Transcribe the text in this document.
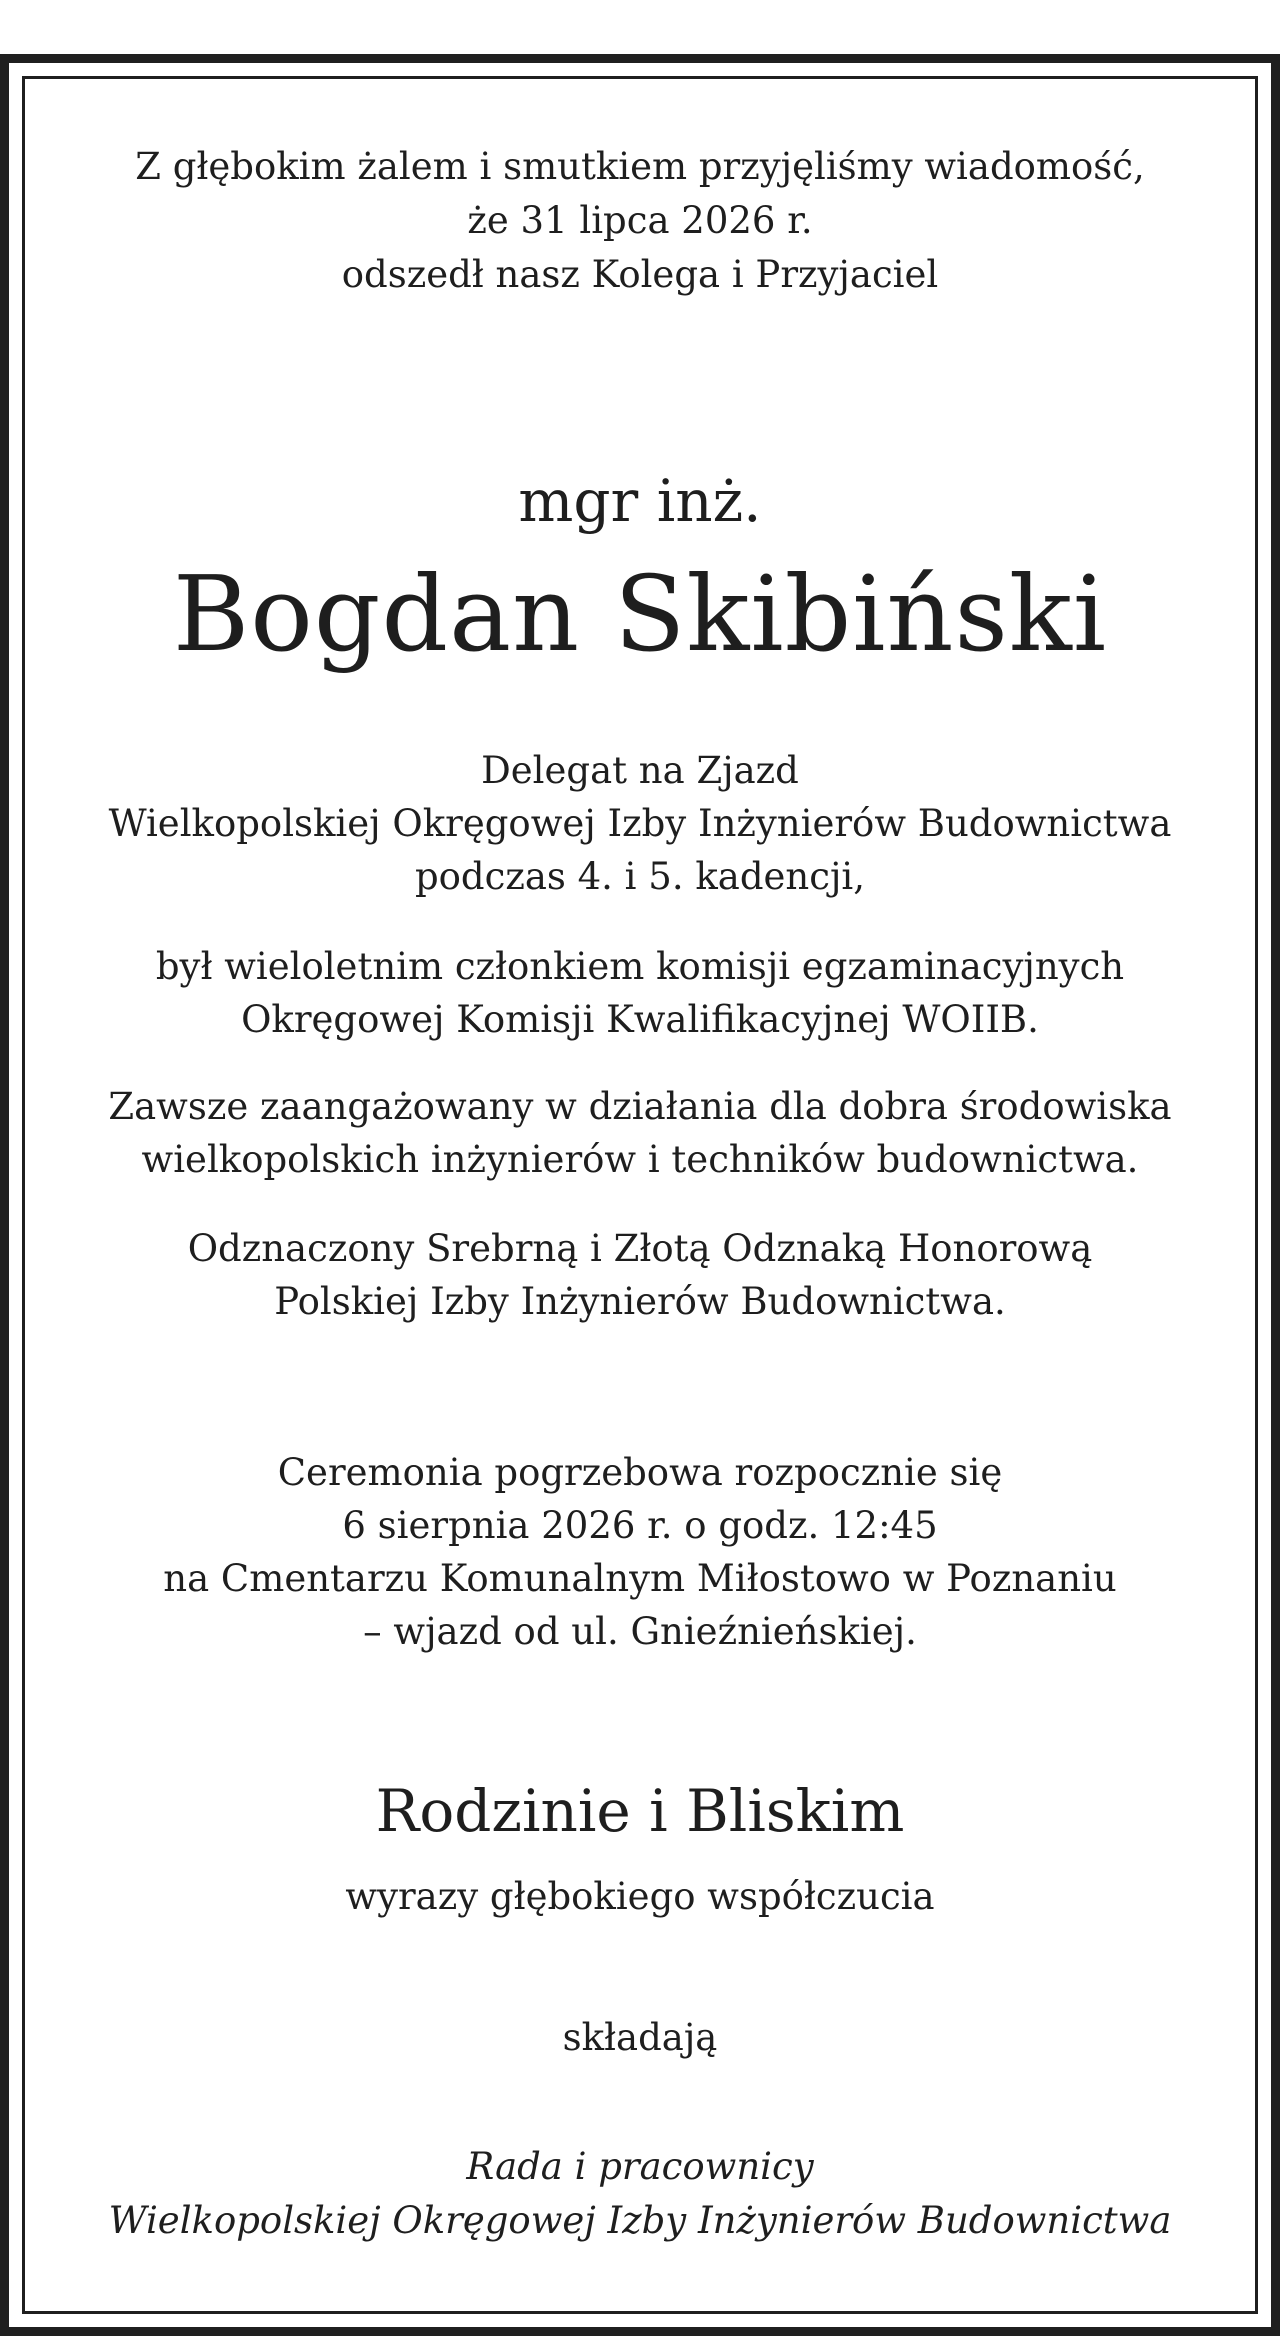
Z głębokim żalem i smutkiem przyjęliśmy wiadomość,
że 31 lipca 2026 r.
odszedł nasz Kolega i Przyjaciel
mgr inż.
Bogdan Skibiński
Delegat na Zjazd
Wielkopolskiej Okręgowej Izby Inżynierów Budownictwa
podczas 4. i 5. kadencji,
był wieloletnim członkiem komisji egzaminacyjnych
Okręgowej Komisji Kwalifikacyjnej WOIIB.
Zawsze zaangażowany w działania dla dobra środowiska
wielkopolskich inżynierów i techników budownictwa.
Odznaczony Srebrną i Złotą Odznaką Honorową
Polskiej Izby Inżynierów Budownictwa.
Ceremonia pogrzebowa rozpocznie się
6 sierpnia 2026 r. o godz. 12:45
na Cmentarzu Komunalnym Miłostowo w Poznaniu
– wjazd od ul. Gnieźnieńskiej.
Rodzinie i Bliskim
wyrazy głębokiego współczucia
składają
Rada i pracownicy
Wielkopolskiej Okręgowej Izby Inżynierów Budownictwa
